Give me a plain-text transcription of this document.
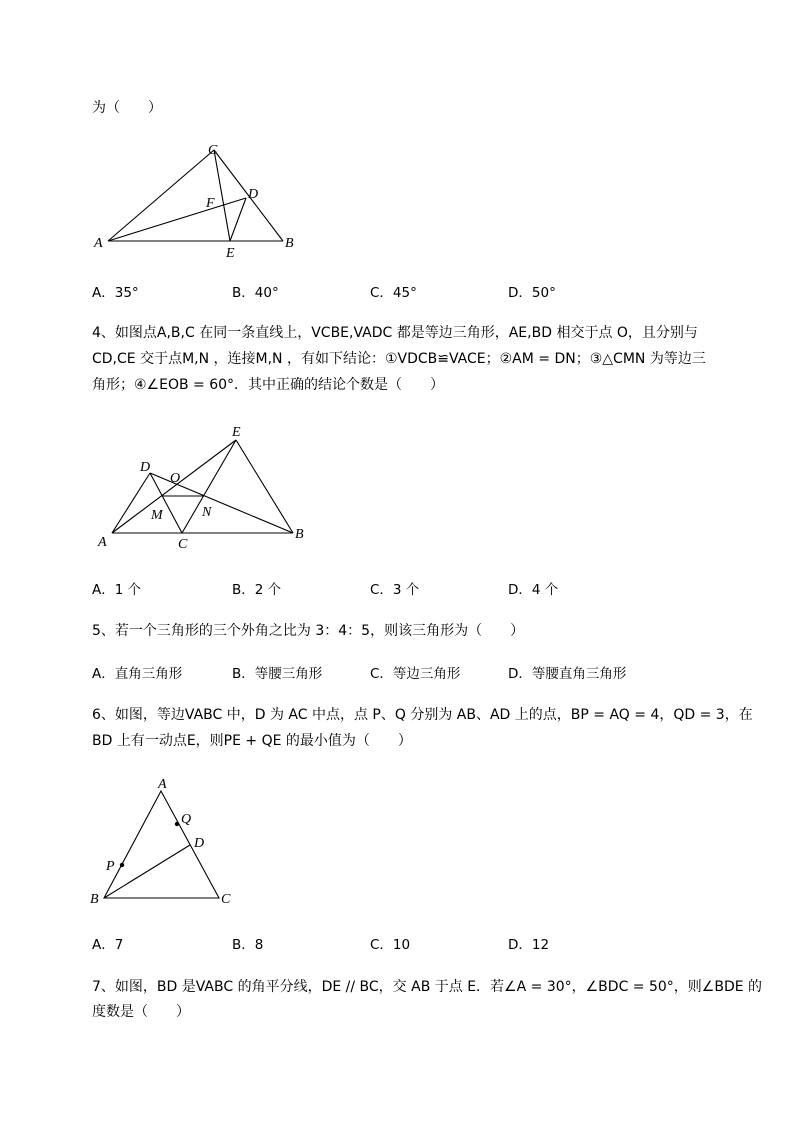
为（　　）
A	B
C
D
E
F
A．35°	B．40°	C．45°	D．50°
4、如图点A,B,C 在同一条直线上，VCBE,VADC 都是等边三角形，AE,BD 相交于点 O，且分别与
CD,CE 交于点M,N ，连接M,N ，有如下结论：①VDCB≌VACE；②AM = DN；③△CMN 为等边三
角形；④∠EOB = 60°．其中正确的结论个数是（　　）
A
B
C
D
E
O
M	N
A．1 个	B．2 个	C．3 个	D．4 个
5、若一个三角形的三个外角之比为 3：4：5，则该三角形为（　　）
A．直角三角形	B．等腰三角形	C．等边三角形	D．等腰直角三角形
6、如图，等边VABC 中，D 为 AC 中点，点 P、Q 分别为 AB、AD 上的点，BP = AQ = 4，QD = 3，在
BD 上有一动点E，则PE + QE 的最小值为（　　）
B	C
A
D
P
Q
A．7	B．8	C．10	D．12
7、如图，BD 是VABC 的角平分线，DE // BC，交 AB 于点 E．若∠A = 30°，∠BDC = 50°，则∠BDE 的
度数是（　　）
